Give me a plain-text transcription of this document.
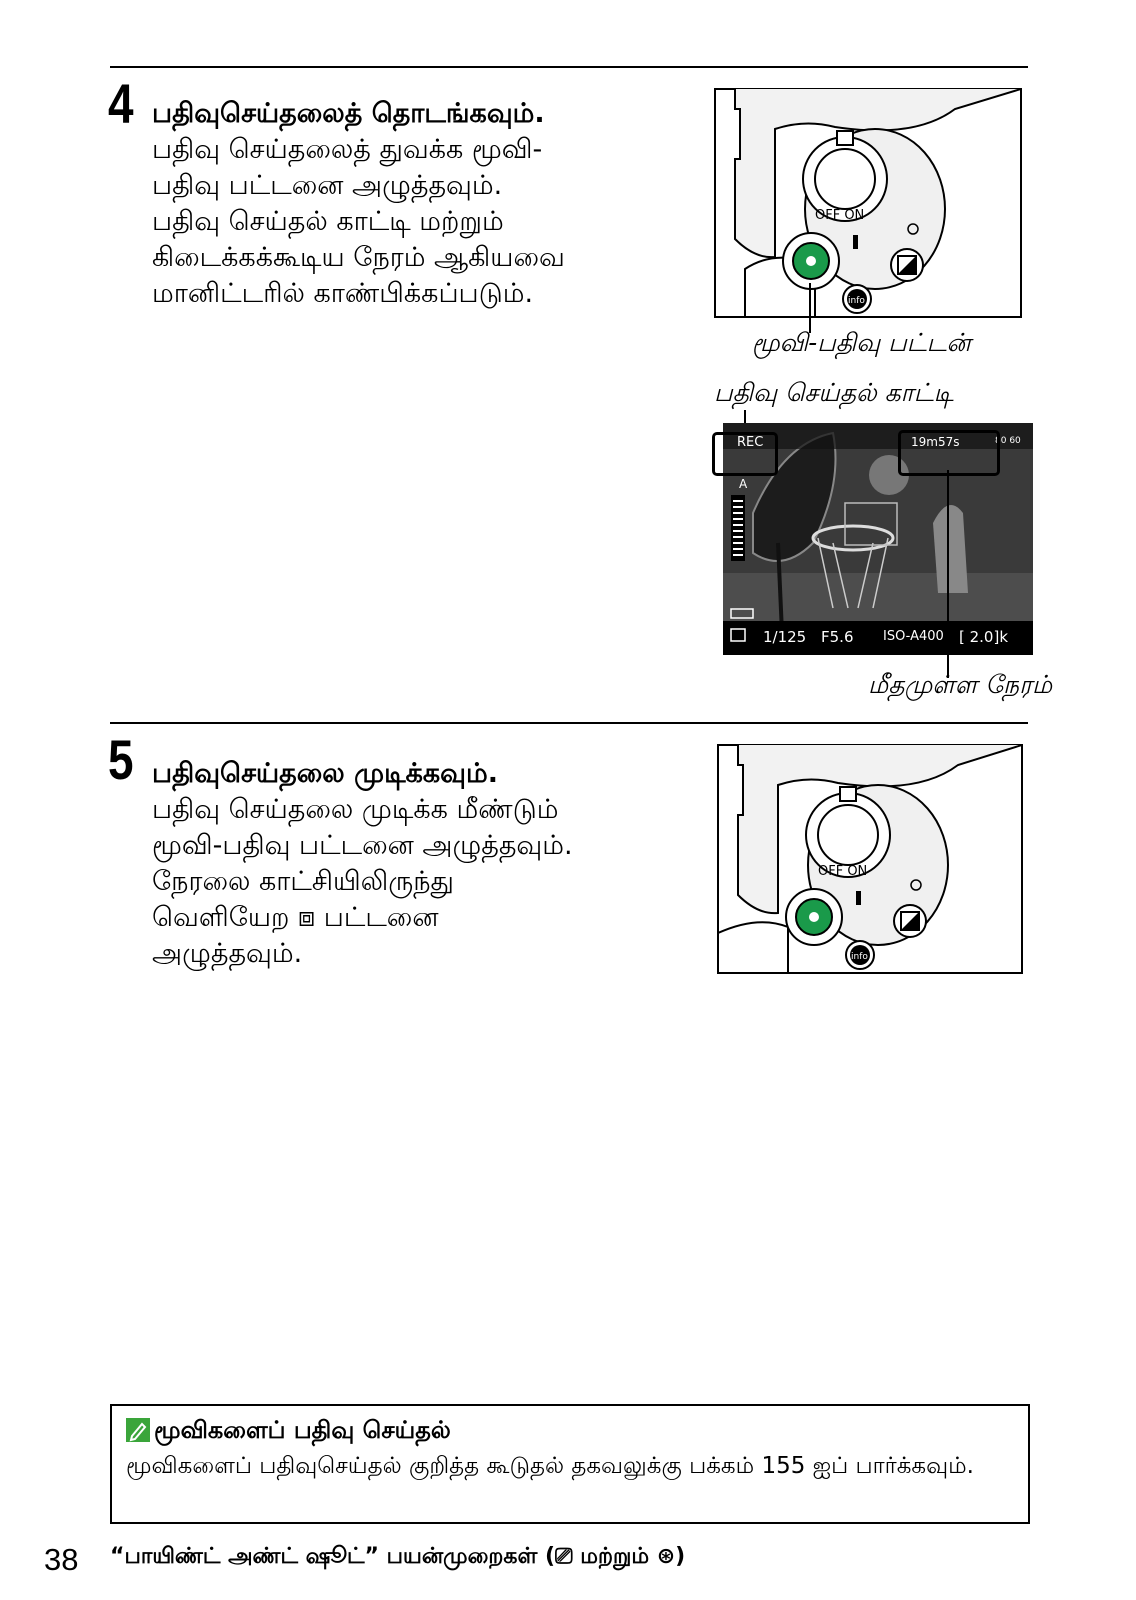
4 பதிவுசெய்தலைத் தொடங்கவும்.
பதிவு செய்தலைத் துவக்க மூவி-
பதிவு பட்டனை அழுத்தவும்.
பதிவு செய்தல் காட்டி மற்றும்
கிடைக்கக்கூடிய நேரம் ஆகியவை
மானிட்டரில் காண்பிக்கப்படும்.
OFF ON
info
மூவி-பதிவு பட்டன்
பதிவு செய்தல் காட்டி
REC	19m57s	80 60
A
1/125 F5.6 ISO-A400 [ 2.0]k
மீதமுள்ள நேரம்
5 பதிவுசெய்தலை முடிக்கவும்.
பதிவு செய்தலை முடிக்க மீண்டும்
மூவி-பதிவு பட்டனை அழுத்தவும்.
நேரலை காட்சியிலிருந்து
வெளியேற ⧈ பட்டனை
அழுத்தவும்.
OFF ON
info
மூவிகளைப் பதிவு செய்தல்
மூவிகளைப் பதிவுசெய்தல் குறித்த கூடுதல் தகவலுக்கு பக்கம் 155 ஐப் பார்க்கவும்.
38 “பாயிண்ட் அண்ட் ஷூட்” பயன்முறைகள் (⎚ மற்றும் ⊛)
